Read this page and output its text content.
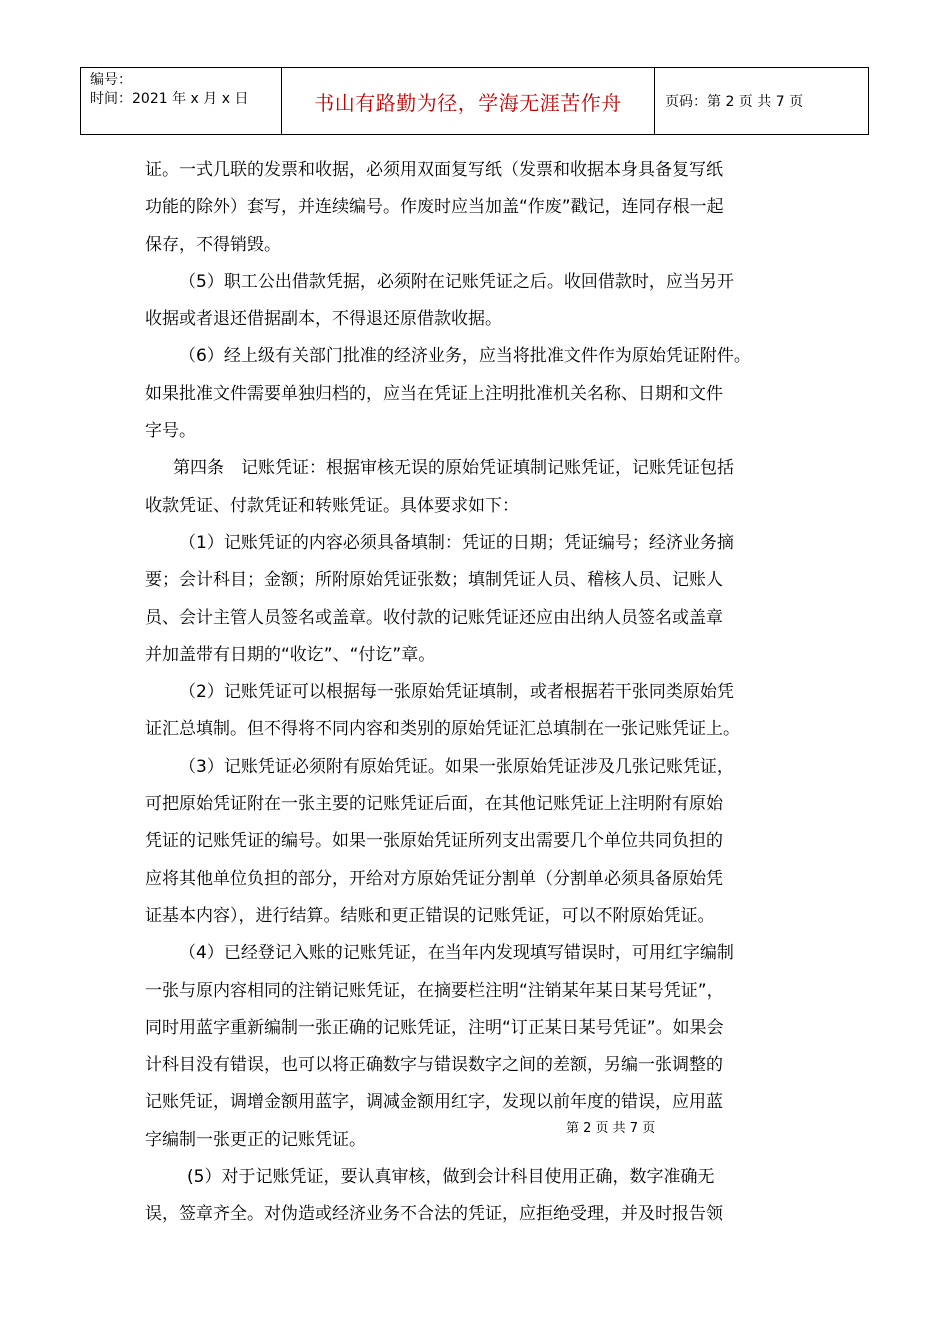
编号：
时间：2021 年 x 月 x 日	书山有路勤为径，学海无涯苦作舟	页码：第 2 页 共 7 页
证。一式几联的发票和收据，必须用双面复写纸（发票和收据本身具备复写纸
功能的除外）套写，并连续编号。作废时应当加盖“作废”戳记，连同存根一起
保存，不得销毁。
（5）职工公出借款凭据，必须附在记账凭证之后。收回借款时，应当另开
收据或者退还借据副本，不得退还原借款收据。
（6）经上级有关部门批准的经济业务，应当将批准文件作为原始凭证附件。
如果批准文件需要单独归档的，应当在凭证上注明批准机关名称、日期和文件
字号。
第四条　记账凭证：根据审核无误的原始凭证填制记账凭证，记账凭证包括
收款凭证、付款凭证和转账凭证。具体要求如下：
（1）记账凭证的内容必须具备填制：凭证的日期；凭证编号；经济业务摘
要；会计科目；金额；所附原始凭证张数；填制凭证人员、稽核人员、记账人
员、会计主管人员签名或盖章。收付款的记账凭证还应由出纳人员签名或盖章
并加盖带有日期的“收讫”、“付讫”章。
（2）记账凭证可以根据每一张原始凭证填制，或者根据若干张同类原始凭
证汇总填制。但不得将不同内容和类别的原始凭证汇总填制在一张记账凭证上。
（3）记账凭证必须附有原始凭证。如果一张原始凭证涉及几张记账凭证，
可把原始凭证附在一张主要的记账凭证后面，在其他记账凭证上注明附有原始
凭证的记账凭证的编号。如果一张原始凭证所列支出需要几个单位共同负担的
应将其他单位负担的部分，开给对方原始凭证分割单（分割单必须具备原始凭
证基本内容），进行结算。结账和更正错误的记账凭证，可以不附原始凭证。
（4）已经登记入账的记账凭证，在当年内发现填写错误时，可用红字编制
一张与原内容相同的注销记账凭证，在摘要栏注明“注销某年某日某号凭证”，
同时用蓝字重新编制一张正确的记账凭证，注明“订正某日某号凭证”。如果会
计科目没有错误，也可以将正确数字与错误数字之间的差额，另编一张调整的
记账凭证，调增金额用蓝字，调减金额用红字，发现以前年度的错误，应用蓝
字编制一张更正的记账凭证。
(5）对于记账凭证，要认真审核，做到会计科目使用正确，数字准确无
误，签章齐全。对伪造或经济业务不合法的凭证，应拒绝受理，并及时报告领
第 2 页 共 7 页
